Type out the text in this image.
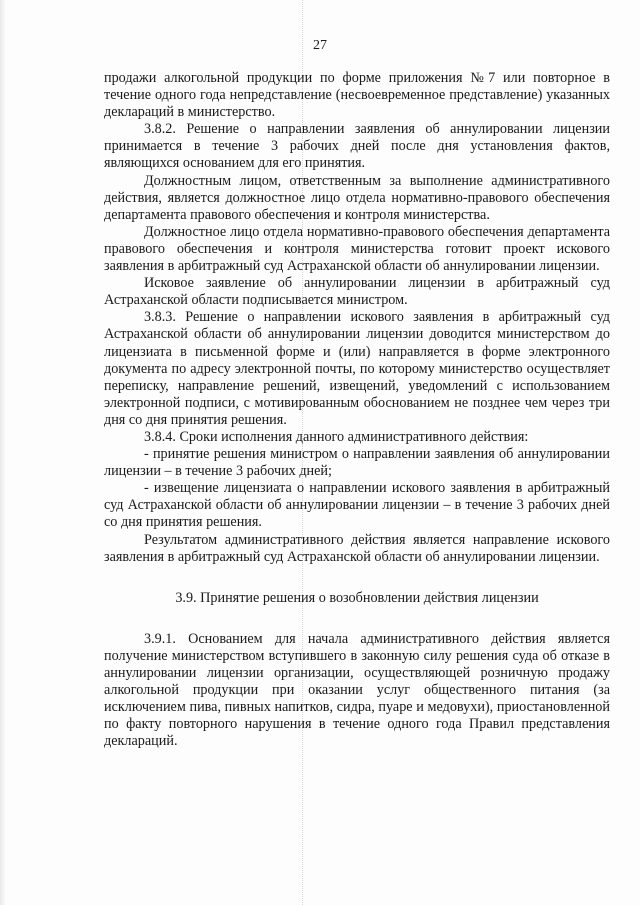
27

продажи алкогольной продукции по форме приложения №7 или повторное в течение одного года непредставление (несвоевременное представление) указанных деклараций в министерство.

3.8.2. Решение о направлении заявления об аннулировании лицензии принимается в течение 3 рабочих дней после дня установления фактов, являющихся основанием для его принятия.

Должностным лицом, ответственным за выполнение административного действия, является должностное лицо отдела нормативно-правового обеспечения департамента правового обеспечения и контроля министерства.

Должностное лицо отдела нормативно-правового обеспечения департамента правового обеспечения и контроля министерства готовит проект искового заявления в арбитражный суд Астраханской области об аннулировании лицензии.

Исковое заявление об аннулировании лицензии в арбитражный суд Астраханской области подписывается министром.

3.8.3. Решение о направлении искового заявления в арбитражный суд Астраханской области об аннулировании лицензии доводится министерством до лицензиата в письменной форме и (или) направляется в форме электронного документа по адресу электронной почты, по которому министерство осуществляет переписку, направление решений, извещений, уведомлений с использованием электронной подписи, с мотивированным обоснованием не позднее чем через три дня со дня принятия решения.

3.8.4. Сроки исполнения данного административного действия:

- принятие решения министром о направлении заявления об аннулировании лицензии – в течение 3 рабочих дней;

- извещение лицензиата о направлении искового заявления в арбитражный суд Астраханской области об аннулировании лицензии – в течение 3 рабочих дней со дня принятия решения.

Результатом административного действия является направление искового заявления в арбитражный суд Астраханской области об аннулировании лицензии.

3.9. Принятие решения о возобновлении действия лицензии

3.9.1. Основанием для начала административного действия является получение министерством вступившего в законную силу решения суда об отказе в аннулировании лицензии организации, осуществляющей розничную продажу алкогольной продукции при оказании услуг общественного питания (за исключением пива, пивных напитков, сидра, пуаре и медовухи), приостановленной по факту повторного нарушения в течение одного года Правил представления деклараций.
